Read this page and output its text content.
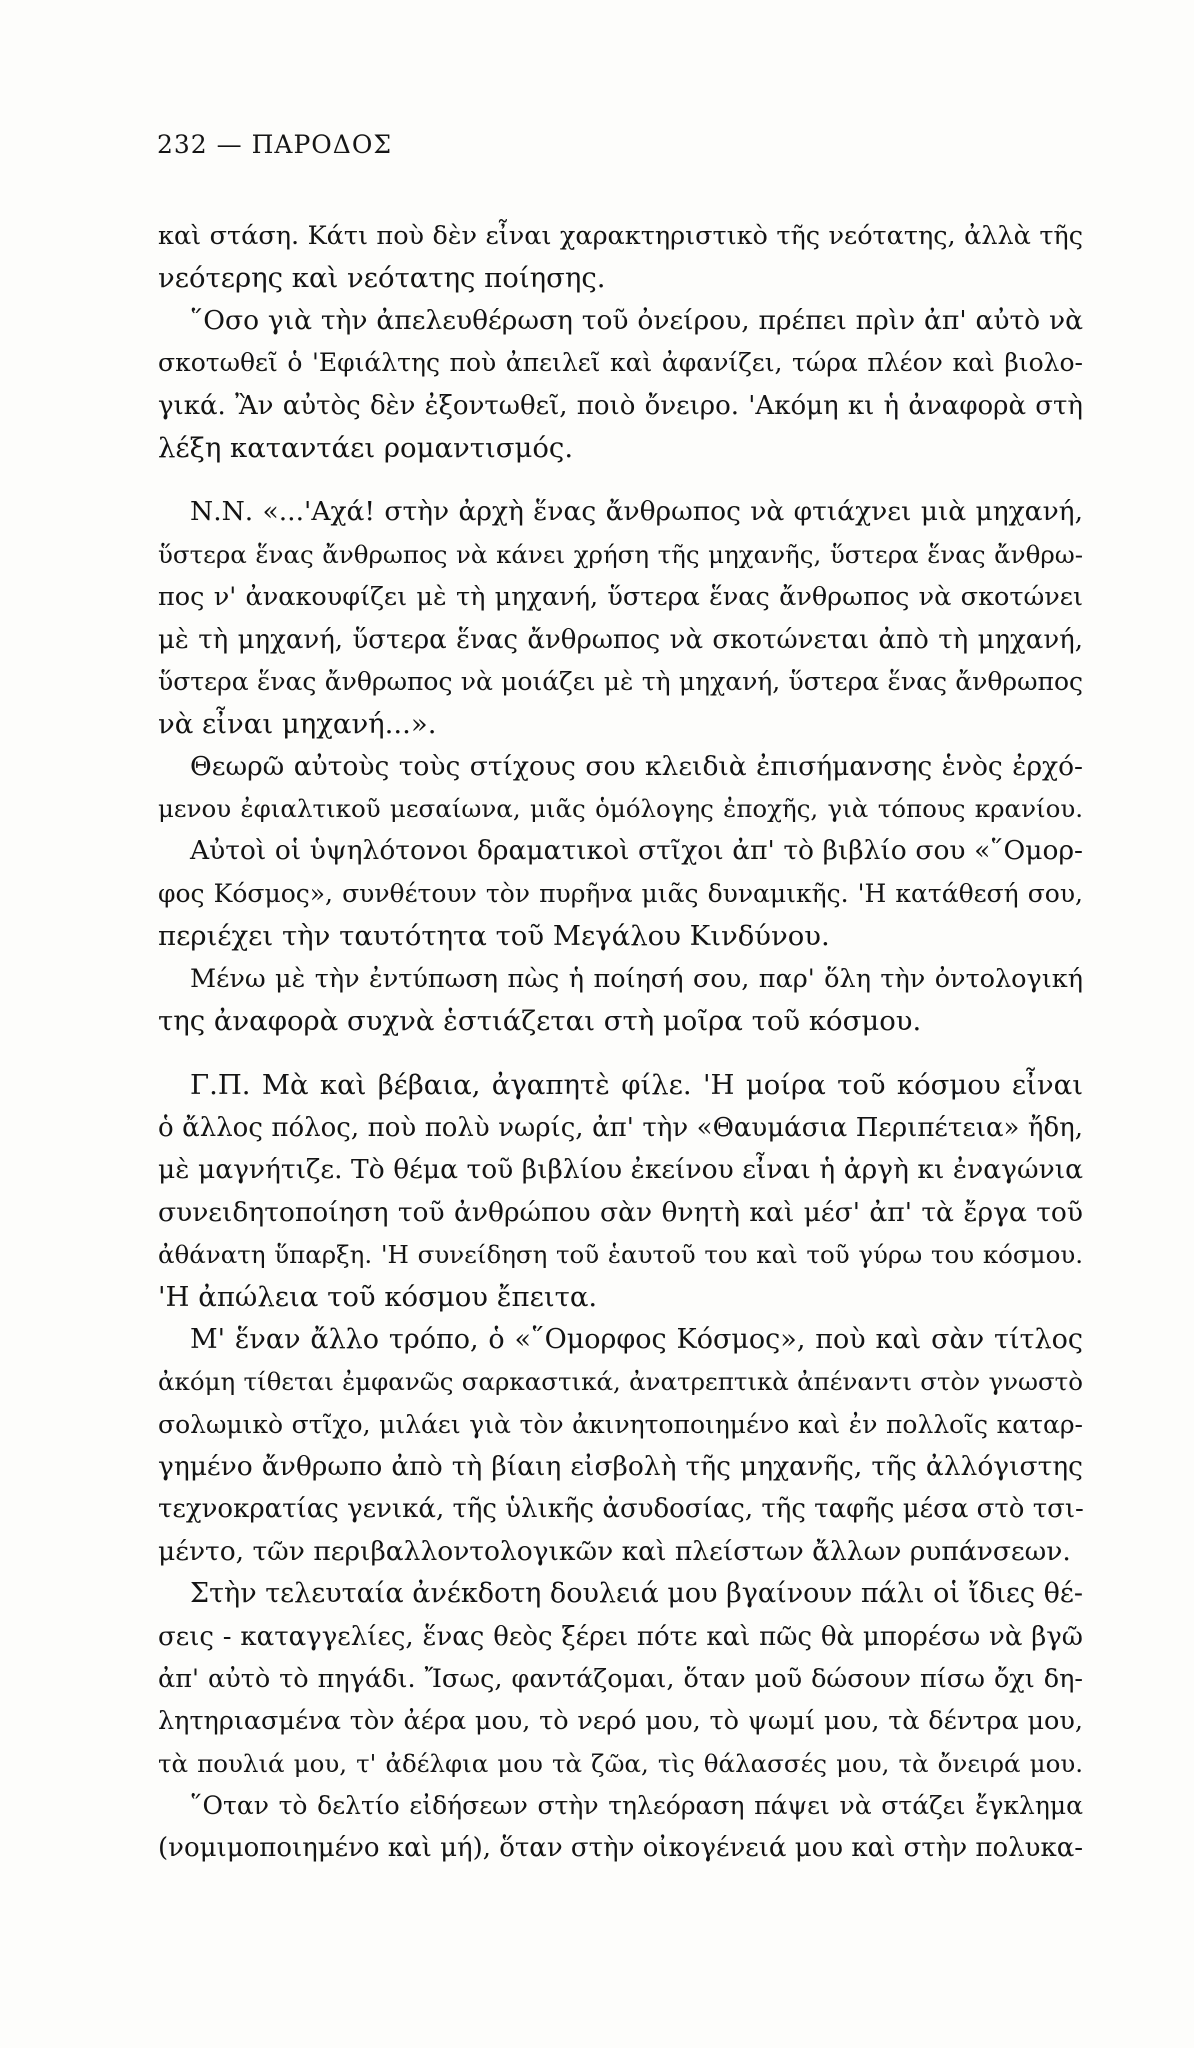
232 — ΠΑΡΟΔΟΣ
καὶ στάση. Κάτι ποὺ δὲν εἶναι χαρακτηριστικὸ τῆς νεότατης, ἀλλὰ τῆς
νεότερης καὶ νεότατης ποίησης.
῞Οσο γιὰ τὴν ἀπελευθέρωση τοῦ ὀνείρου, πρέπει πρὶν ἀπ' αὐτὸ νὰ
σκοτωθεῖ ὁ 'Εφιάλτης ποὺ ἀπειλεῖ καὶ ἀφανίζει, τώρα πλέον καὶ βιολο-
γικά. Ἂν αὐτὸς δὲν ἐξοντωθεῖ, ποιὸ ὄνειρο. 'Ακόμη κι ἡ ἀναφορὰ στὴ
λέξη καταντάει ρομαντισμός.
Ν.Ν. «...'Αχά! στὴν ἀρχὴ ἕνας ἄνθρωπος νὰ φτιάχνει μιὰ μηχανή,
ὕστερα ἕνας ἄνθρωπος νὰ κάνει χρήση τῆς μηχανῆς, ὕστερα ἕνας ἄνθρω-
πος ν' ἀνακουφίζει μὲ τὴ μηχανή, ὕστερα ἕνας ἄνθρωπος νὰ σκοτώνει
μὲ τὴ μηχανή, ὕστερα ἕνας ἄνθρωπος νὰ σκοτώνεται ἀπὸ τὴ μηχανή,
ὕστερα ἕνας ἄνθρωπος νὰ μοιάζει μὲ τὴ μηχανή, ὕστερα ἕνας ἄνθρωπος
νὰ εἶναι μηχανή...».
Θεωρῶ αὐτοὺς τοὺς στίχους σου κλειδιὰ ἐπισήμανσης ἑνὸς ἐρχό-
μενου ἐφιαλτικοῦ μεσαίωνα, μιᾶς ὁμόλογης ἐποχῆς, γιὰ τόπους κρανίου.
Αὐτοὶ οἱ ὑψηλότονοι δραματικοὶ στῖχοι ἀπ' τὸ βιβλίο σου «῞Ομορ-
φος Κόσμος», συνθέτουν τὸν πυρῆνα μιᾶς δυναμικῆς. 'Η κατάθεσή σου,
περιέχει τὴν ταυτότητα τοῦ Μεγάλου Κινδύνου.
Μένω μὲ τὴν ἐντύπωση πὼς ἡ ποίησή σου, παρ' ὅλη τὴν ὀντολογική
της ἀναφορὰ συχνὰ ἑστιάζεται στὴ μοῖρα τοῦ κόσμου.
Γ.Π. Μὰ καὶ βέβαια, ἀγαπητὲ φίλε. 'Η μοίρα τοῦ κόσμου εἶναι
ὁ ἄλλος πόλος, ποὺ πολὺ νωρίς, ἀπ' τὴν «Θαυμάσια Περιπέτεια» ἤδη,
μὲ μαγνήτιζε. Τὸ θέμα τοῦ βιβλίου ἐκείνου εἶναι ἡ ἀργὴ κι ἐναγώνια
συνειδητοποίηση τοῦ ἀνθρώπου σὰν θνητὴ καὶ μέσ' ἀπ' τὰ ἔργα τοῦ
ἀθάνατη ὕπαρξη. 'Η συνείδηση τοῦ ἑαυτοῦ του καὶ τοῦ γύρω του κόσμου.
'Η ἀπώλεια τοῦ κόσμου ἔπειτα.
Μ' ἕναν ἄλλο τρόπο, ὁ «῞Ομορφος Κόσμος», ποὺ καὶ σὰν τίτλος
ἀκόμη τίθεται ἐμφανῶς σαρκαστικά, ἀνατρεπτικὰ ἀπέναντι στὸν γνωστὸ
σολωμικὸ στῖχο, μιλάει γιὰ τὸν ἀκινητοποιημένο καὶ ἐν πολλοῖς καταρ-
γημένο ἄνθρωπο ἀπὸ τὴ βίαιη εἰσβολὴ τῆς μηχανῆς, τῆς ἀλλόγιστης
τεχνοκρατίας γενικά, τῆς ὑλικῆς ἀσυδοσίας, τῆς ταφῆς μέσα στὸ τσι-
μέντο, τῶν περιβαλλοντολογικῶν καὶ πλείστων ἄλλων ρυπάνσεων.
Στὴν τελευταία ἀνέκδοτη δουλειά μου βγαίνουν πάλι οἱ ἴδιες θέ-
σεις - καταγγελίες, ἕνας θεὸς ξέρει πότε καὶ πῶς θὰ μπορέσω νὰ βγῶ
ἀπ' αὐτὸ τὸ πηγάδι. Ἴσως, φαντάζομαι, ὅταν μοῦ δώσουν πίσω ὄχι δη-
λητηριασμένα τὸν ἀέρα μου, τὸ νερό μου, τὸ ψωμί μου, τὰ δέντρα μου,
τὰ πουλιά μου, τ' ἀδέλφια μου τὰ ζῶα, τὶς θάλασσές μου, τὰ ὄνειρά μου.
῞Οταν τὸ δελτίο εἰδήσεων στὴν τηλεόραση πάψει νὰ στάζει ἔγκλημα
(νομιμοποιημένο καὶ μή), ὅταν στὴν οἰκογένειά μου καὶ στὴν πολυκα-
